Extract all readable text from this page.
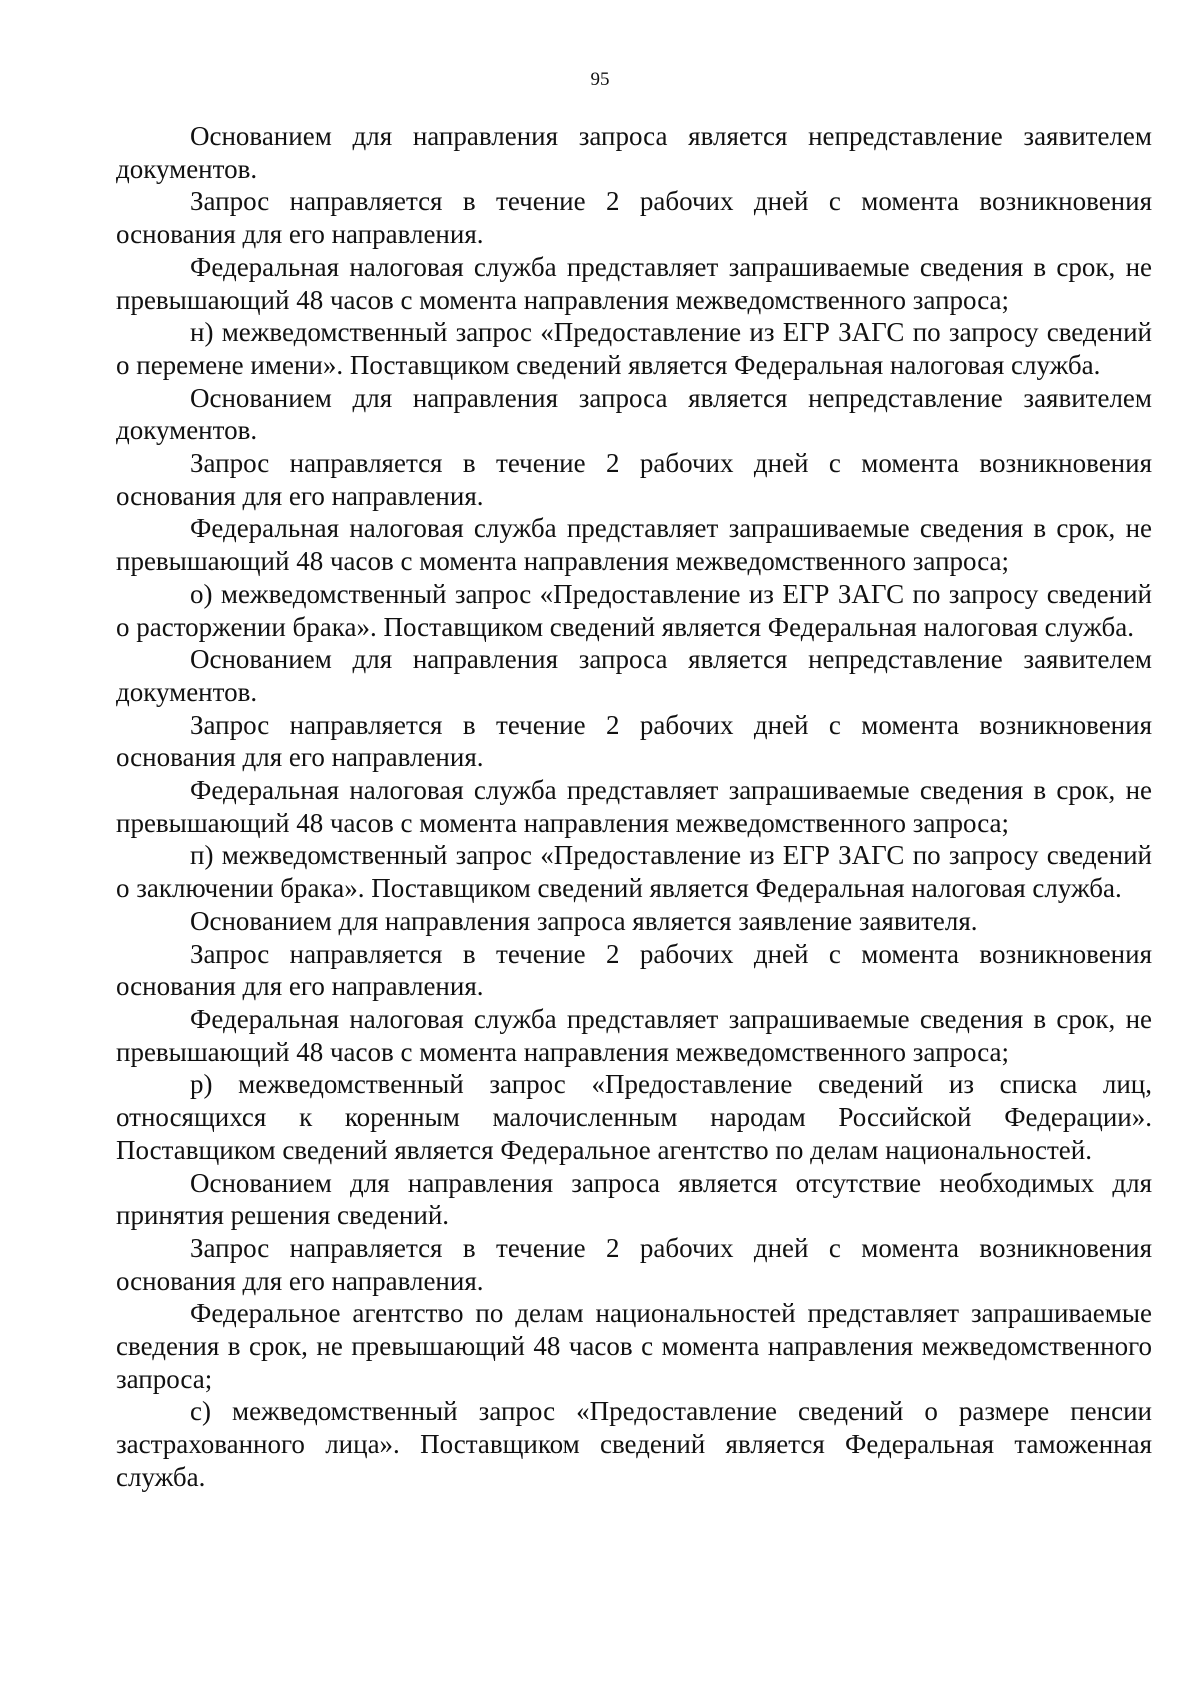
95

Основанием для направления запроса является непредставление заявителем документов.

Запрос направляется в течение 2 рабочих дней с момента возникновения основания для его направления.

Федеральная налоговая служба представляет запрашиваемые сведения в срок, не превышающий 48 часов с момента направления межведомственного запроса;

н) межведомственный запрос «Предоставление из ЕГР ЗАГС по запросу сведений о перемене имени». Поставщиком сведений является Федеральная налоговая служба.

Основанием для направления запроса является непредставление заявителем документов.

Запрос направляется в течение 2 рабочих дней с момента возникновения основания для его направления.

Федеральная налоговая служба представляет запрашиваемые сведения в срок, не превышающий 48 часов с момента направления межведомственного запроса;

о) межведомственный запрос «Предоставление из ЕГР ЗАГС по запросу сведений о расторжении брака». Поставщиком сведений является Федеральная налоговая служба.

Основанием для направления запроса является непредставление заявителем документов.

Запрос направляется в течение 2 рабочих дней с момента возникновения основания для его направления.

Федеральная налоговая служба представляет запрашиваемые сведения в срок, не превышающий 48 часов с момента направления межведомственного запроса;

п) межведомственный запрос «Предоставление из ЕГР ЗАГС по запросу сведений о заключении брака». Поставщиком сведений является Федеральная налоговая служба.

Основанием для направления запроса является заявление заявителя.

Запрос направляется в течение 2 рабочих дней с момента возникновения основания для его направления.

Федеральная налоговая служба представляет запрашиваемые сведения в срок, не превышающий 48 часов с момента направления межведомственного запроса;

р) межведомственный запрос «Предоставление сведений из списка лиц, относящихся к коренным малочисленным народам Российской Федерации». Поставщиком сведений является Федеральное агентство по делам национальностей.

Основанием для направления запроса является отсутствие необходимых для принятия решения сведений.

Запрос направляется в течение 2 рабочих дней с момента возникновения основания для его направления.

Федеральное агентство по делам национальностей представляет запрашиваемые сведения в срок, не превышающий 48 часов с момента направления межведомственного запроса;

с) межведомственный запрос «Предоставление сведений о размере пенсии застрахованного лица». Поставщиком сведений является Федеральная таможенная служба.
